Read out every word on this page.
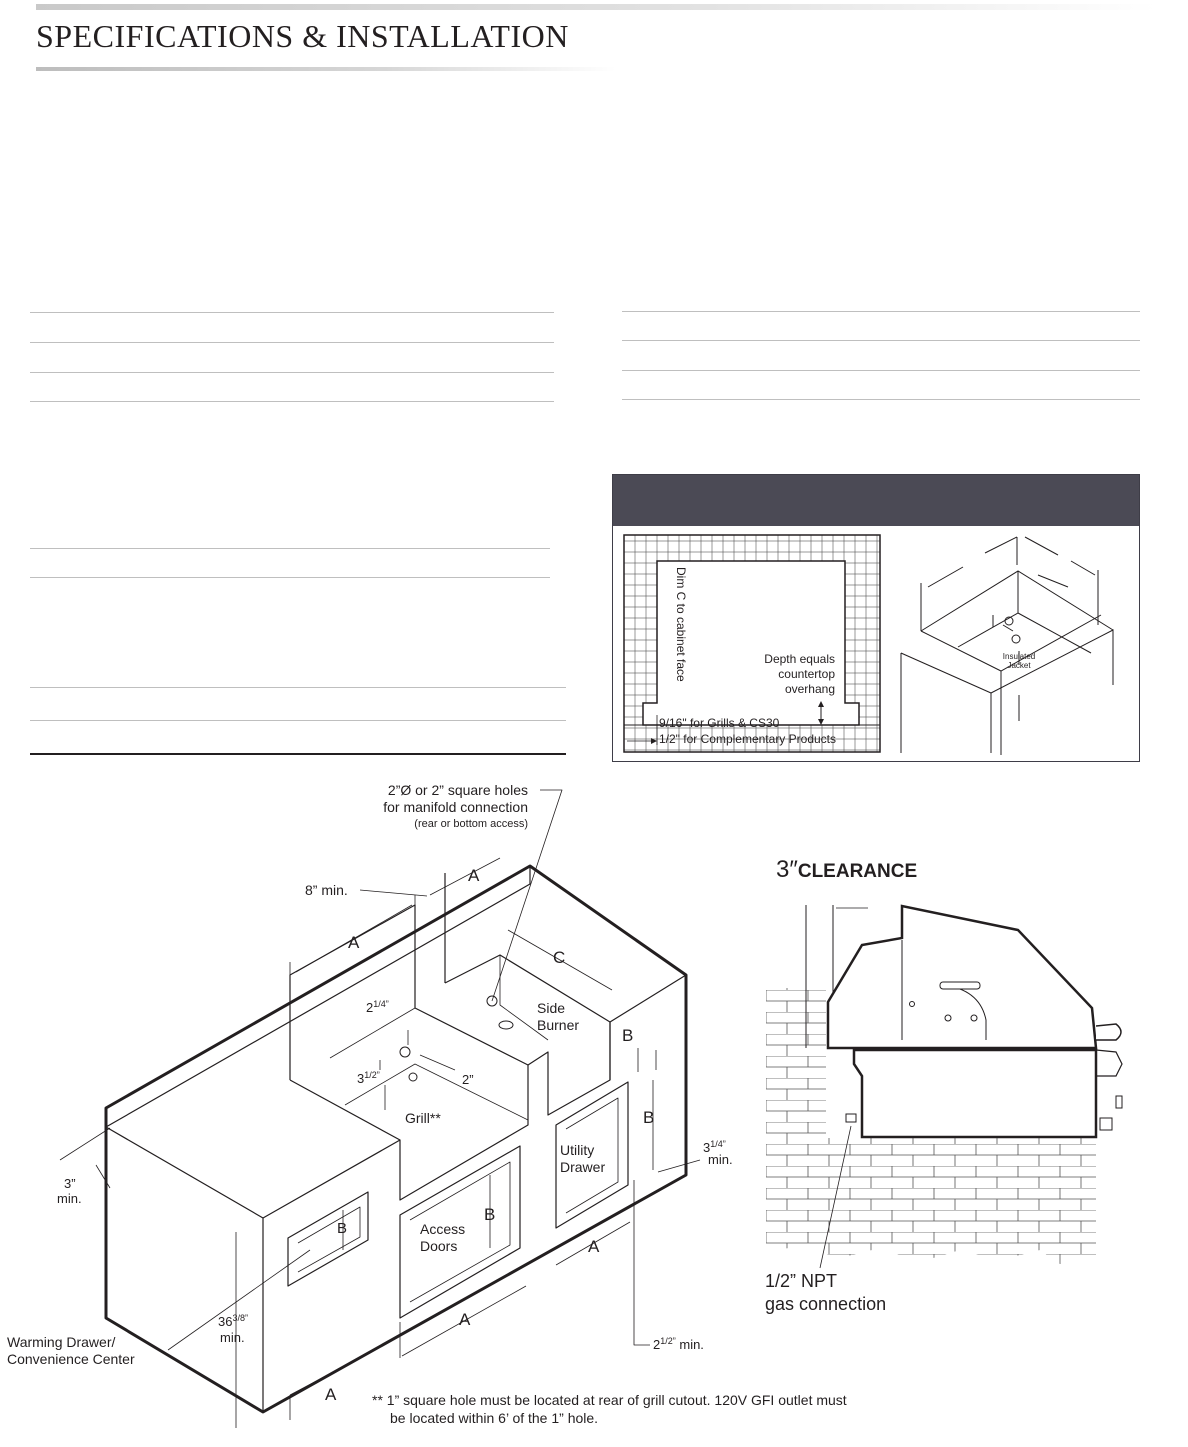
SPECIFICATIONS & INSTALLATION
Dim C to cabinet face	Depth equals
countertop
overhang
9/16" for Grills & CS30
1/2" for Complementary Products
Insulated
Jacket
2”Ø or 2” square holes
for manifold connection
(rear or bottom access)
8” min.
A
A
C
Side
Burner
B
B
B
B
$2^{1/4”}$
$3^{1/2”}$	2”
Grill**
Utility
Drawer
$3^{1/4”}$
min.
3”
min.
Access
Doors	A
A
A
$36^{3/8”}$
min.
Warming Drawer/
Convenience Center
$2^{1/2”}$ min.
** 1” square hole must be located at rear of grill cutout. 120V GFI outlet must
be located within 6’ of the 1” hole.
3″CLEARANCE
1/2” NPT
gas connection
